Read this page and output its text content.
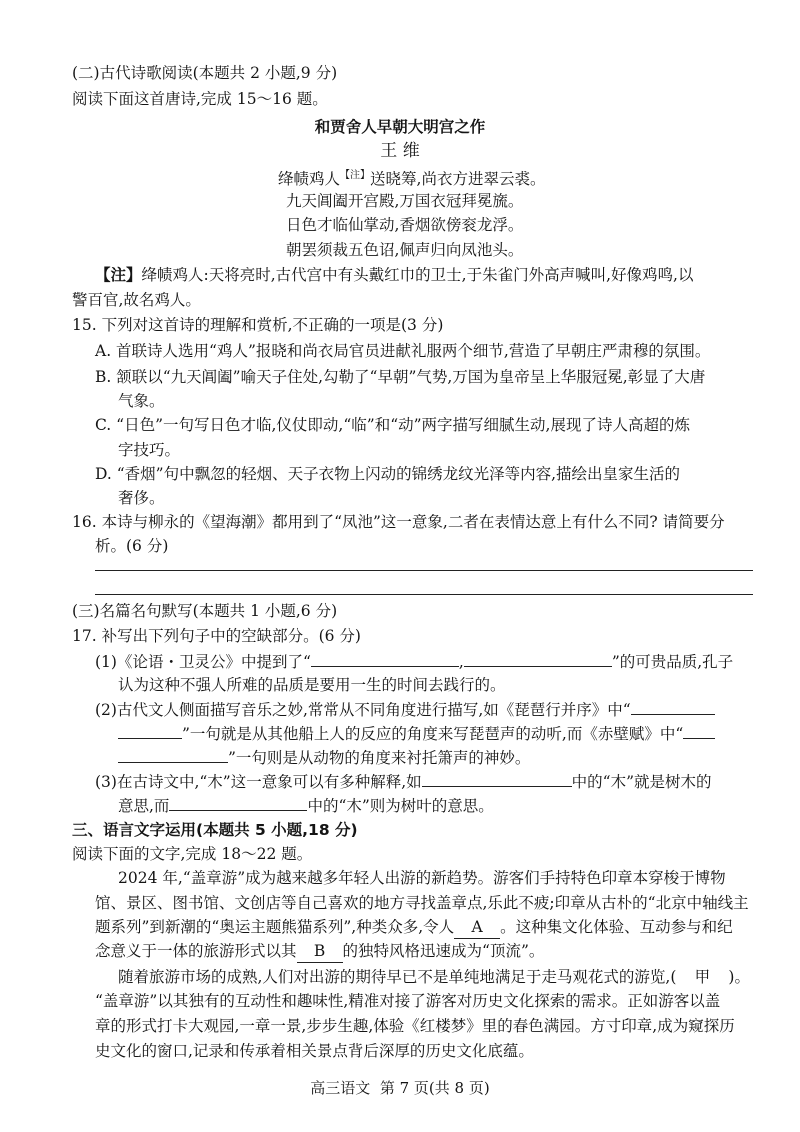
(二)古代诗歌阅读(本题共 2 小题,9 分)
阅读下面这首唐诗,完成 15～16 题。
和贾舍人早朝大明宫之作
王 维
绛帻鸡人$^{【注】}$送晓筹,尚衣方进翠云裘。
九天阊阖开宫殿,万国衣冠拜冕旒。
日色才临仙掌动,香烟欲傍衮龙浮。
朝罢须裁五色诏,佩声归向凤池头。
【注】绛帻鸡人:天将亮时,古代宫中有头戴红巾的卫士,于朱雀门外高声喊叫,好像鸡鸣,以
警百官,故名鸡人。
15. 下列对这首诗的理解和赏析,不正确的一项是(3 分)
A. 首联诗人选用“鸡人”报晓和尚衣局官员进献礼服两个细节,营造了早朝庄严肃穆的氛围。
B. 颔联以“九天阊阖”喻天子住处,勾勒了“早朝”气势,万国为皇帝呈上华服冠冕,彰显了大唐
气象。
C. “日色”一句写日色才临,仪仗即动,“临”和“动”两字描写细腻生动,展现了诗人高超的炼
字技巧。
D. “香烟”句中飘忽的轻烟、天子衣物上闪动的锦绣龙纹光泽等内容,描绘出皇家生活的
奢侈。
16. 本诗与柳永的《望海潮》都用到了“凤池”这一意象,二者在表情达意上有什么不同? 请简要分
析。(6 分)
(三)名篇名句默写(本题共 1 小题,6 分)
17. 补写出下列句子中的空缺部分。(6 分)
(1)《论语・卫灵公》中提到了“	,	”的可贵品质,孔子
认为这种不强人所难的品质是要用一生的时间去践行的。
(2)古代文人侧面描写音乐之妙,常常从不同角度进行描写,如《琵琶行并序》中“
”一句就是从其他船上人的反应的角度来写琵琶声的动听,而《赤壁赋》中“
”一句则是从动物的角度来衬托箫声的神妙。
(3)在古诗文中,“木”这一意象可以有多种解释,如	中的“木”就是树木的
意思,而	中的“木”则为树叶的意思。
三、语言文字运用(本题共 5 小题,18 分)
阅读下面的文字,完成 18～22 题。
2024 年,“盖章游”成为越来越多年轻人出游的新趋势。游客们手持特色印章本穿梭于博物
馆、景区、图书馆、文创店等自己喜欢的地方寻找盖章点,乐此不疲;印章从古朴的“北京中轴线主
题系列”到新潮的“奥运主题熊猫系列”,种类众多,令人 A 。这种集文化体验、互动参与和纪
念意义于一体的旅游形式以其 B 的独特风格迅速成为“顶流”。
随着旅游市场的成熟,人们对出游的期待早已不是单纯地满足于走马观花式的游览,( 甲 )。
“盖章游”以其独有的互动性和趣味性,精准对接了游客对历史文化探索的需求。正如游客以盖
章的形式打卡大观园,一章一景,步步生趣,体验《红楼梦》里的春色满园。方寸印章,成为窥探历
史文化的窗口,记录和传承着相关景点背后深厚的历史文化底蕴。
高三语文 第 7 页(共 8 页)
